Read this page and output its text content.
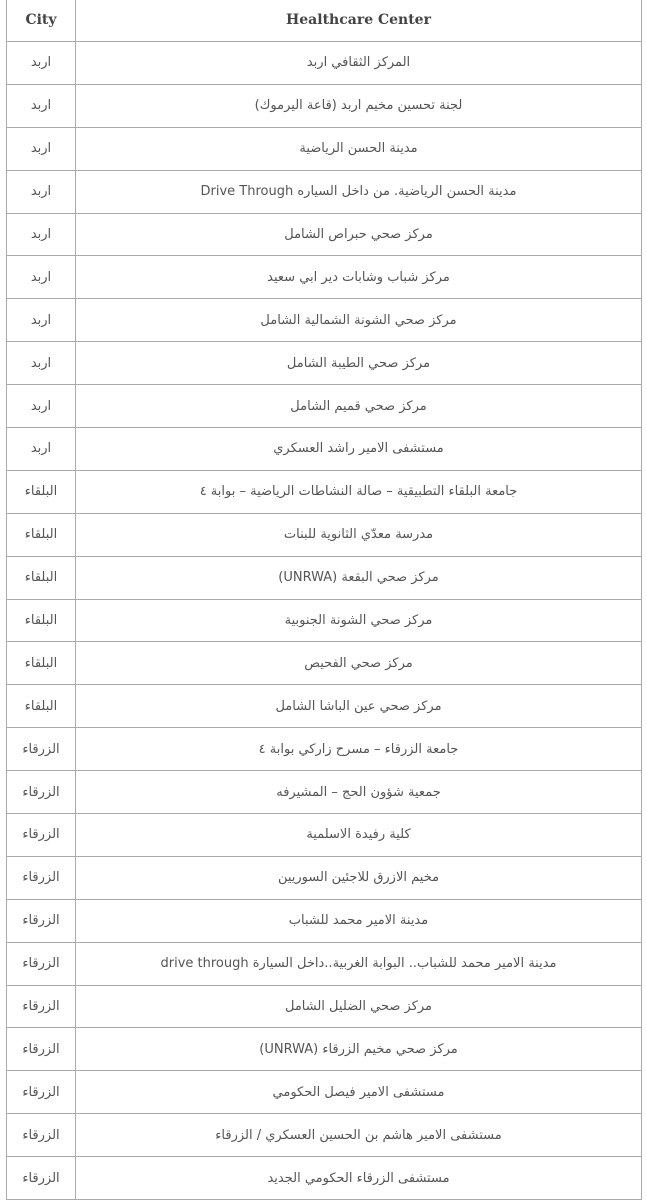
City	Healthcare Center
اربد	المركز الثقافي اربد
اربد	لجنة تحسين مخيم اربد (قاعة اليرموك)
اربد	مدينة الحسن الرياضية
اربد	مدينة الحسن الرياضية. من داخل السياره Drive Through
اربد	مركز صحي حبراص الشامل
اربد	مركز شباب وشابات دير ابي سعيد
اربد	مركز صحي الشونة الشمالية الشامل
اربد	مركز صحي الطيبة الشامل
اربد	مركز صحي قميم الشامل
اربد	مستشفى الامير راشد العسكري
البلقاء	جامعة البلقاء التطبيقية – صالة النشاطات الرياضية – بوابة ٤
البلقاء	مدرسة معدّي الثانوية للبنات
البلقاء	مركز صحي البقعة (UNRWA)
البلقاء	مركز صحي الشونة الجنوبية
البلقاء	مركز صحي الفحيص
البلقاء	مركز صحي عين الباشا الشامل
الزرقاء	جامعة الزرقاء – مسرح زاركي بوابة ٤
الزرقاء	جمعية شؤون الحج – المشيرفه
الزرقاء	كلية رفيدة الاسلمية
الزرقاء	مخيم الازرق للاجئين السوريين
الزرقاء	مدينة الامير محمد للشباب
الزرقاء	مدينة الامير محمد للشباب.. البوابة الغربية..داخل السيارة drive through
الزرقاء	مركز صحي الضليل الشامل
الزرقاء	مركز صحي مخيم الزرقاء (UNRWA)
الزرقاء	مستشفى الامير فيصل الحكومي
الزرقاء	مستشفى الامير هاشم بن الحسين العسكري / الزرقاء
الزرقاء	مستشفى الزرقاء الحكومي الجديد
